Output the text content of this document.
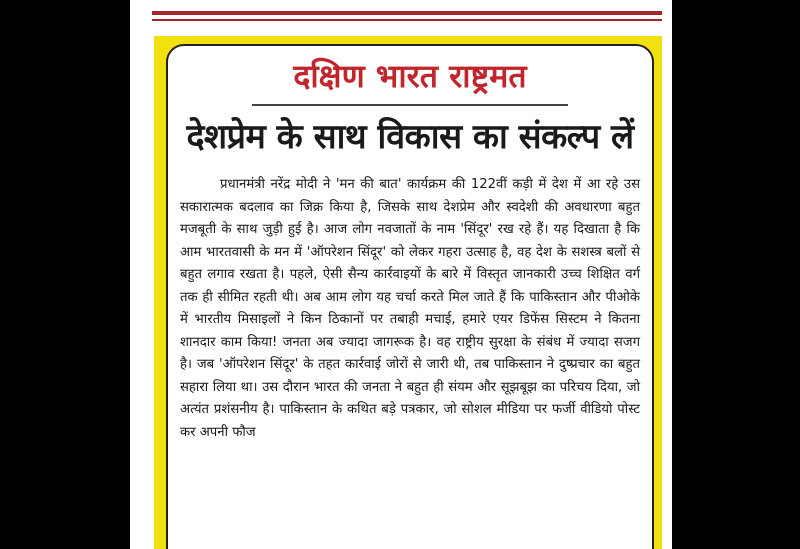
दक्षिण भारत राष्ट्रमत
देशप्रेम के साथ विकास का संकल्प लें

प्रधानमंत्री नरेंद्र मोदी ने 'मन की बात' कार्यक्रम की 122वीं कड़ी में देश में आ रहे उस सकारात्मक बदलाव का जिक्र किया है, जिसके साथ देशप्रेम और स्वदेशी की अवधारणा बहुत मजबूती के साथ जुड़ी हुई है। आज लोग नवजातों के नाम 'सिंदूर' रख रहे हैं। यह दिखाता है कि आम भारतवासी के मन में 'ऑपरेशन सिंदूर' को लेकर गहरा उत्साह है, वह देश के सशस्त्र बलों से बहुत लगाव रखता है। पहले, ऐसी सैन्य कार्रवाइयों के बारे में विस्तृत जानकारी उच्च शिक्षित वर्ग तक ही सीमित रहती थी। अब आम लोग यह चर्चा करते मिल जाते हैं कि पाकिस्तान और पीओके में भारतीय मिसाइलों ने किन ठिकानों पर तबाही मचाई, हमारे एयर डिफेंस सिस्टम ने कितना शानदार काम किया! जनता अब ज्यादा जागरूक है। वह राष्ट्रीय सुरक्षा के संबंध में ज्यादा सजग है। जब 'ऑपरेशन सिंदूर' के तहत कार्रवाई जोरों से जारी थी, तब पाकिस्तान ने दुष्प्रचार का बहुत सहारा लिया था। उस दौरान भारत की जनता ने बहुत ही संयम और सूझबूझ का परिचय दिया, जो अत्यंत प्रशंसनीय है। पाकिस्तान के कथित बड़े पत्रकार, जो सोशल मीडिया पर फर्जी वीडियो पोस्ट कर अपनी फौज
